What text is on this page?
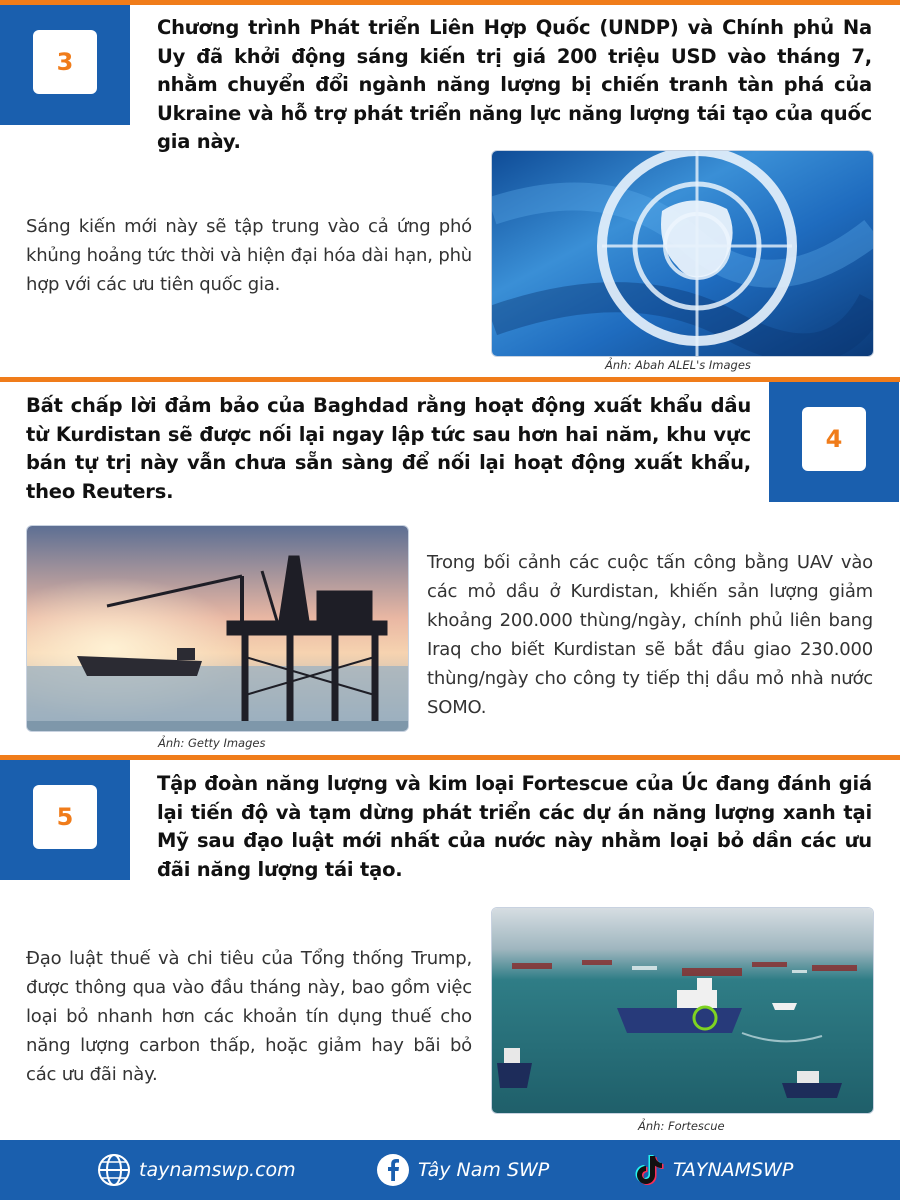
3
Chương trình Phát triển Liên Hợp Quốc (UNDP) và Chính phủ Na Uy đã khởi động sáng kiến trị giá 200 triệu USD vào tháng 7, nhằm chuyển đổi ngành năng lượng bị chiến tranh tàn phá của Ukraine và hỗ trợ phát triển năng lực năng lượng tái tạo của quốc gia này.
Sáng kiến mới này sẽ tập trung vào cả ứng phó khủng hoảng tức thời và hiện đại hóa dài hạn, phù hợp với các ưu tiên quốc gia.
Ảnh: Abah ALEL's Images
4
Bất chấp lời đảm bảo của Baghdad rằng hoạt động xuất khẩu dầu từ Kurdistan sẽ được nối lại ngay lập tức sau hơn hai năm, khu vực bán tự trị này vẫn chưa sẵn sàng để nối lại hoạt động xuất khẩu, theo Reuters.
Ảnh: Getty Images
Trong bối cảnh các cuộc tấn công bằng UAV vào các mỏ dầu ở Kurdistan, khiến sản lượng giảm khoảng 200.000 thùng/ngày, chính phủ liên bang Iraq cho biết Kurdistan sẽ bắt đầu giao 230.000 thùng/ngày cho công ty tiếp thị dầu mỏ nhà nước SOMO.
5
Tập đoàn năng lượng và kim loại Fortescue của Úc đang đánh giá lại tiến độ và tạm dừng phát triển các dự án năng lượng xanh tại Mỹ sau đạo luật mới nhất của nước này nhằm loại bỏ dần các ưu đãi năng lượng tái tạo.
Đạo luật thuế và chi tiêu của Tổng thống Trump, được thông qua vào đầu tháng này, bao gồm việc loại bỏ nhanh hơn các khoản tín dụng thuế cho năng lượng carbon thấp, hoặc giảm hay bãi bỏ các ưu đãi này.
Ảnh: Fortescue
taynamswp.com	Tây Nam SWP	TAYNAMSWP
